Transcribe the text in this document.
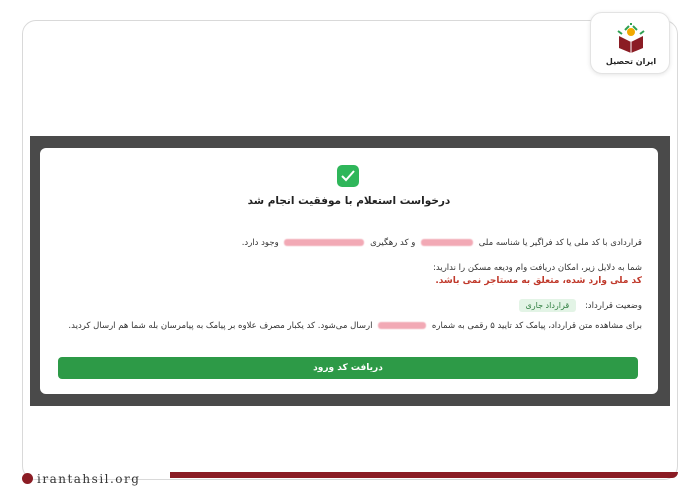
ایران تحصیل
درخواست استعلام با موفقیت انجام شد
قراردادی با کد ملی یا کد فراگیر یا شناسه ملی  و کد رهگیری  وجود دارد.
شما به دلایل زیر، امکان دریافت وام ودیعه مسکن را ندارید:
کد ملی وارد شده، متعلق به مستاجر نمی باشد.
وضعیت قرارداد: قرارداد جاری
برای مشاهده متن قرارداد، پیامک کد تایید ۵ رقمی به شماره  ارسال می‌شود. کد یکبار مصرف علاوه بر پیامک به پیامرسان بله شما هم ارسال کردید.
دریافت کد ورود
irantahsil.org
